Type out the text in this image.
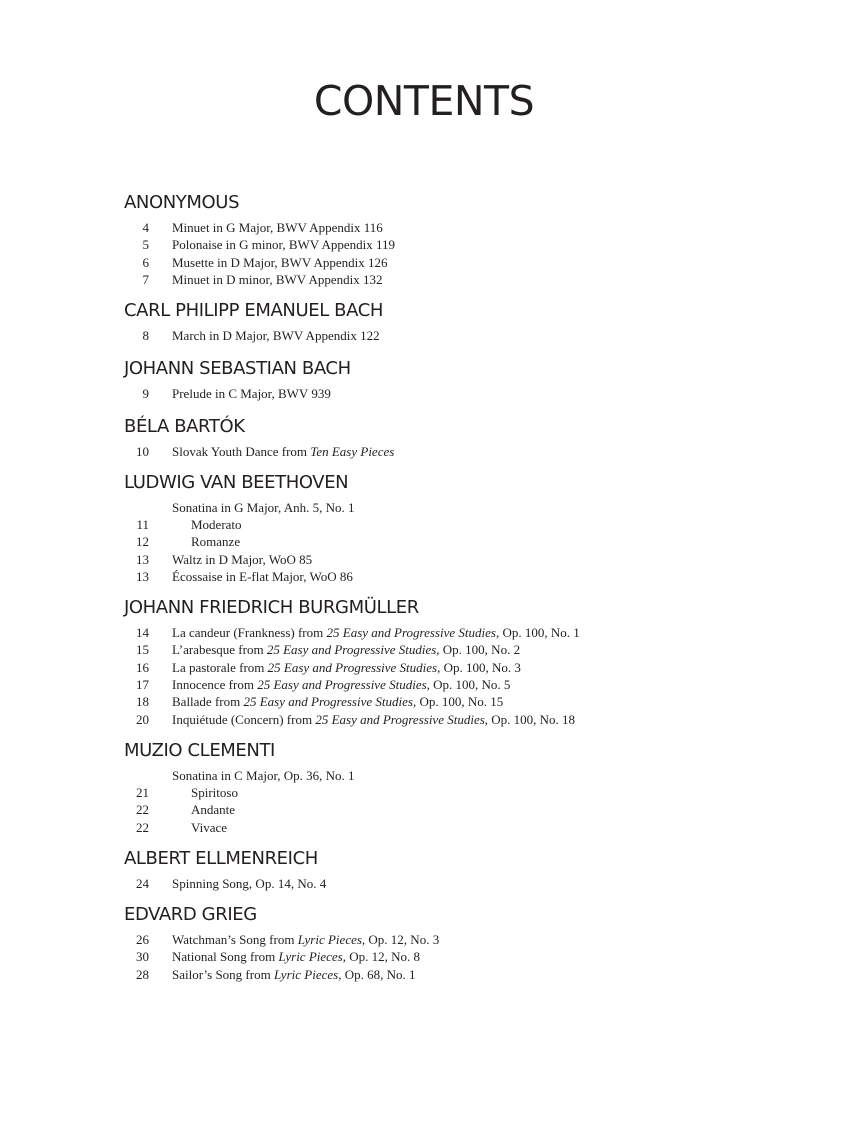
CONTENTS
ANONYMOUS
4 Minuet in G Major, BWV Appendix 116
5 Polonaise in G minor, BWV Appendix 119
6 Musette in D Major, BWV Appendix 126
7 Minuet in D minor, BWV Appendix 132
CARL PHILIPP EMANUEL BACH
8 March in D Major, BWV Appendix 122
JOHANN SEBASTIAN BACH
9 Prelude in C Major, BWV 939
BÉLA BARTÓK
10 Slovak Youth Dance from Ten Easy Pieces
LUDWIG VAN BEETHOVEN
Sonatina in G Major, Anh. 5, No. 1
11	Moderato
12	Romanze
13 Waltz in D Major, WoO 85
13 Écossaise in E-flat Major, WoO 86
JOHANN FRIEDRICH BURGMÜLLER
14 La candeur (Frankness) from 25 Easy and Progressive Studies, Op. 100, No. 1
15 L’arabesque from 25 Easy and Progressive Studies, Op. 100, No. 2
16 La pastorale from 25 Easy and Progressive Studies, Op. 100, No. 3
17 Innocence from 25 Easy and Progressive Studies, Op. 100, No. 5
18 Ballade from 25 Easy and Progressive Studies, Op. 100, No. 15
20 Inquiétude (Concern) from 25 Easy and Progressive Studies, Op. 100, No. 18
MUZIO CLEMENTI
Sonatina in C Major, Op. 36, No. 1
21	Spiritoso
22	Andante
22	Vivace
ALBERT ELLMENREICH
24 Spinning Song, Op. 14, No. 4
EDVARD GRIEG
26 Watchman’s Song from Lyric Pieces, Op. 12, No. 3
30 National Song from Lyric Pieces, Op. 12, No. 8
28 Sailor’s Song from Lyric Pieces, Op. 68, No. 1
